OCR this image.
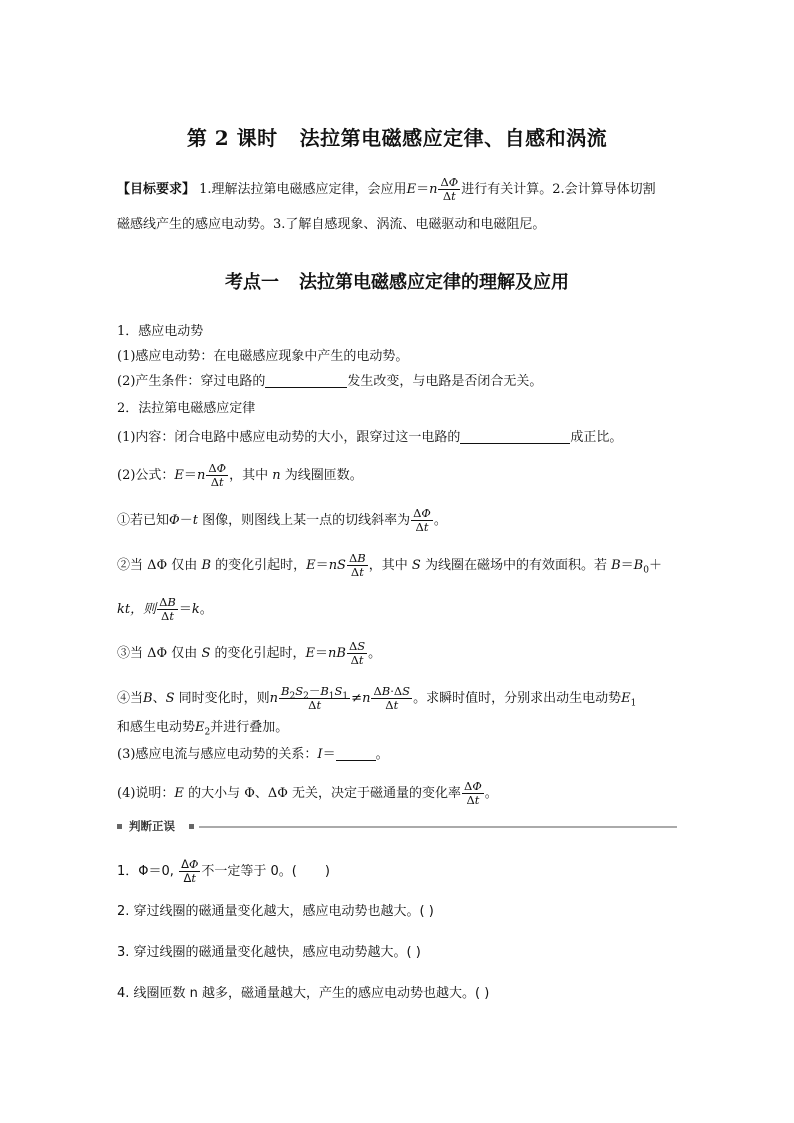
第 2 课时 法拉第电磁感应定律、自感和涡流
【目标要求】 1.理解法拉第电磁感应定律，会应用$E=n \frac{\Delta\Phi}{\Delta t}$ 进行有关计算。2.会计算导体切割
磁感线产生的感应电动势。3.了解自感现象、涡流、电磁驱动和电磁阻尼。
考点一 法拉第电磁感应定律的理解及应用
1．感应电动势
(1)感应电动势：在电磁感应现象中产生的电动势。
(2)产生条件：穿过电路的	发生改变，与电路是否闭合无关。
2．法拉第电磁感应定律
(1)内容：闭合电路中感应电动势的大小，跟穿过这一电路的	成正比。
(2)公式：$E=n \frac{\Delta\Phi}{\Delta t}$ ，其中 n 为线圈匝数。
①若已知Φ－t 图像，则图线上某一点的切线斜率为 $\frac{\Delta\Phi}{\Delta t}$ 。
②当 ΔΦ 仅由 B 的变化引起时，$E=nS \frac{\Delta B}{\Delta t}$ ，其中 S 为线圈在磁场中的有效面积。若 $B=B_0+$
kt，则 $\frac{\Delta B}{\Delta t} =k$。
③当 ΔΦ 仅由 S 的变化引起时，$E=nB \frac{\Delta S}{\Delta t}$ 。
④当B、S 同时变化时，则n $\frac{B_2S_2-B_1S_1}{\Delta t} \ne n \frac{\Delta B\cdot\Delta S}{\Delta t}$ 。求瞬时值时，分别求出动生电动势$E_1$
和感生电动势$E_2$并进行叠加。
(3)感应电流与感应电动势的关系：I＝	。
(4)说明：E 的大小与 Φ、ΔΦ 无关，决定于磁通量的变化率 $\frac{\Delta\Phi}{\Delta t}$ 。
判断正误
1．Φ＝0, $\frac{\Delta\Phi}{\Delta t}$ 不一定等于 0。( )
2. 穿过线圈的磁通量变化越大，感应电动势也越大。( )
3. 穿过线圈的磁通量变化越快，感应电动势越大。( )
4. 线圈匝数 n 越多，磁通量越大，产生的感应电动势也越大。( )
